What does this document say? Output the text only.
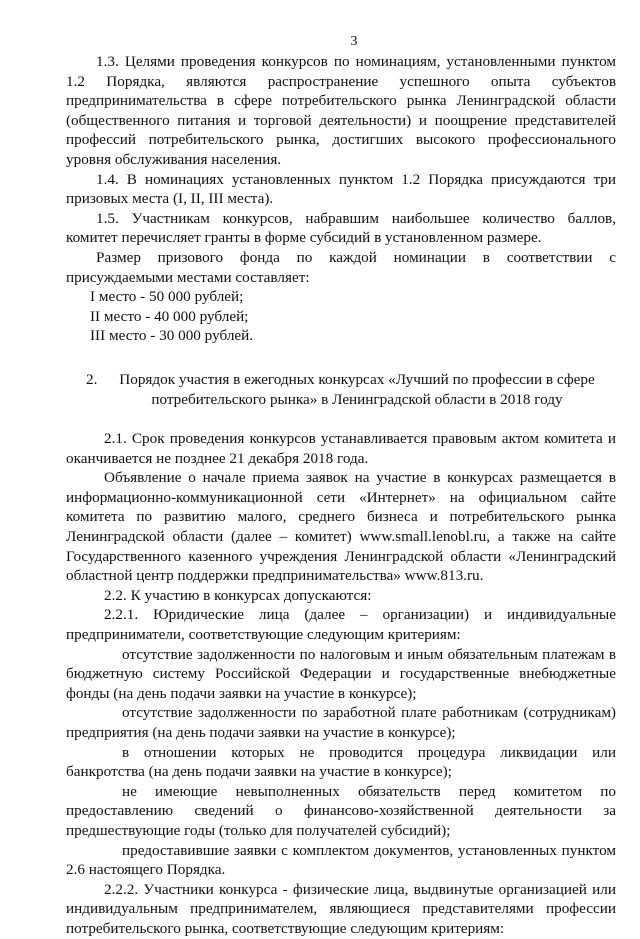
3

1.3. Целями проведения конкурсов по номинациям, установленными пунктом 1.2 Порядка, являются распространение успешного опыта субъектов предпринимательства в сфере потребительского рынка Ленинградской области (общественного питания и торговой деятельности) и поощрение представителей профессий потребительского рынка, достигших высокого профессионального уровня обслуживания населения.

1.4. В номинациях установленных пунктом 1.2 Порядка присуждаются три призовых места (I, II, III места).

1.5. Участникам конкурсов, набравшим наибольшее количество баллов, комитет перечисляет гранты в форме субсидий в установленном размере.

Размер призового фонда по каждой номинации в соответствии с присуждаемыми местами составляет:

I место - 50 000 рублей;
II место - 40 000 рублей;
III место - 30 000 рублей.
2.	Порядок участия в ежегодных конкурсах «Лучший по профессии в сфере потребительского рынка» в Ленинградской области в 2018 году

2.1. Срок проведения конкурсов устанавливается правовым актом комитета и оканчивается не позднее 21 декабря 2018 года.

Объявление о начале приема заявок на участие в конкурсах размещается в информационно-коммуникационной сети «Интернет» на официальном сайте комитета по развитию малого, среднего бизнеса и потребительского рынка Ленинградской области (далее – комитет) www.small.lenobl.ru, а также на сайте Государственного казенного учреждения Ленинградской области «Ленинградский областной центр поддержки предпринимательства» www.813.ru.

2.2. К участию в конкурсах допускаются:

2.2.1. Юридические лица (далее – организации) и индивидуальные предприниматели, соответствующие следующим критериям:

отсутствие задолженности по налоговым и иным обязательным платежам в бюджетную систему Российской Федерации и государственные внебюджетные фонды (на день подачи заявки на участие в конкурсе);

отсутствие задолженности по заработной плате работникам (сотрудникам) предприятия (на день подачи заявки на участие в конкурсе);

в отношении которых не проводится процедура ликвидации или банкротства (на день подачи заявки на участие в конкурсе);

не имеющие невыполненных обязательств перед комитетом по предоставлению сведений о финансово-хозяйственной деятельности за предшествующие годы (только для получателей субсидий);

предоставившие заявки с комплектом документов, установленных пунктом 2.6 настоящего Порядка.

2.2.2. Участники конкурса - физические лица, выдвинутые организацией или индивидуальным предпринимателем, являющиеся представителями профессии потребительского рынка, соответствующие следующим критериям:
